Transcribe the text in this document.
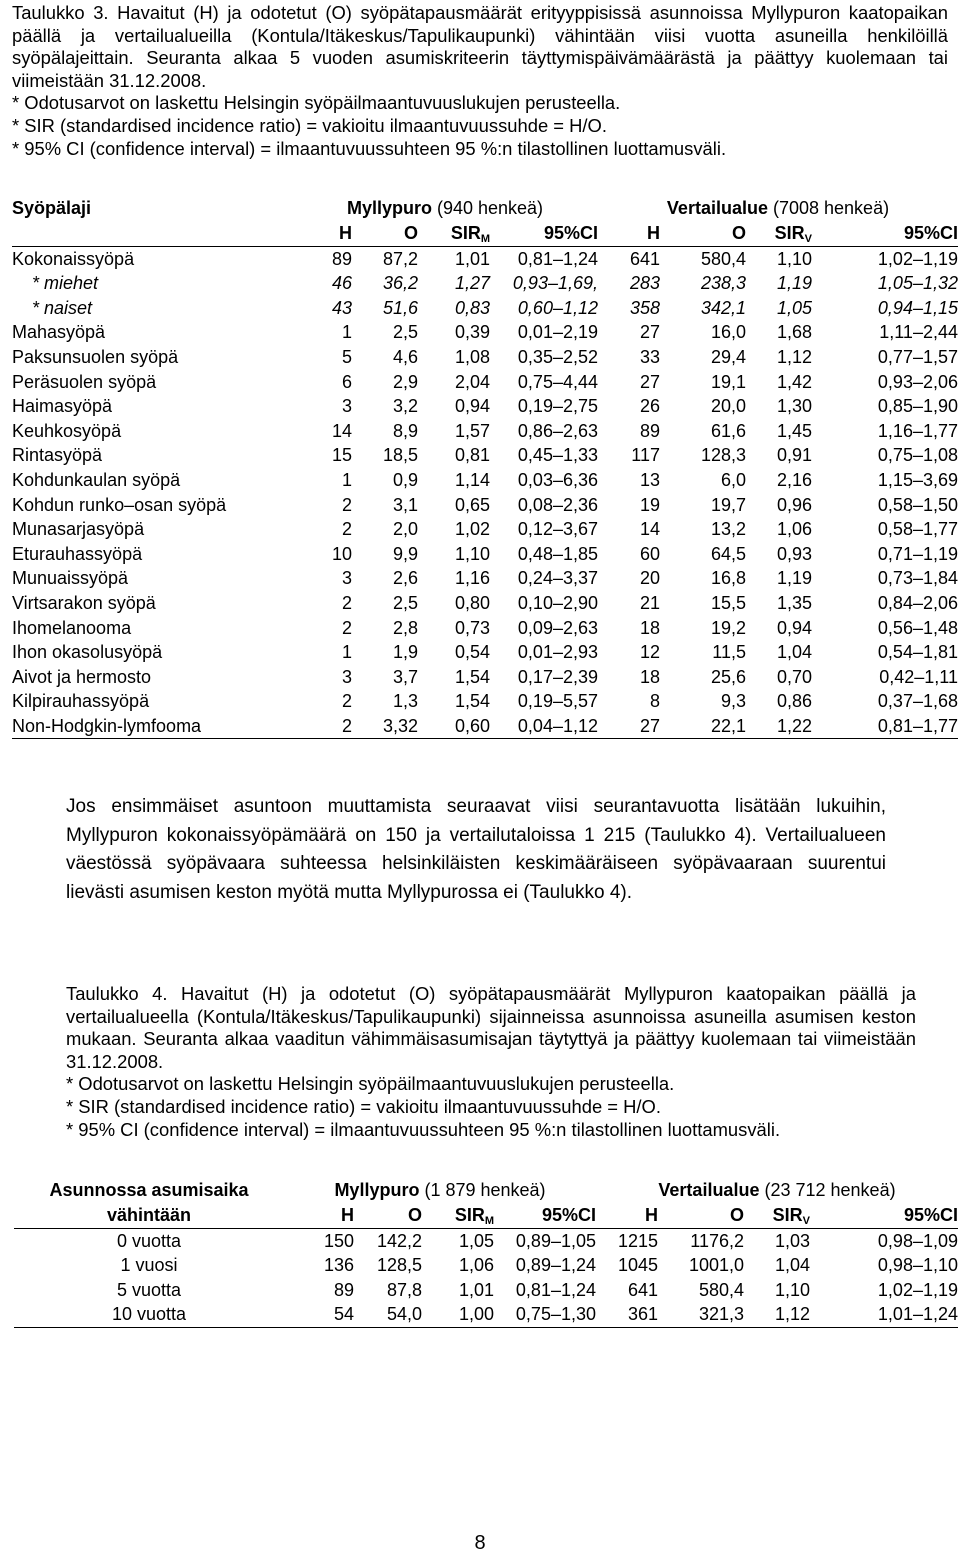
Taulukko 3. Havaitut (H) ja odotetut (O) syöpätapausmäärät erityyppisissä asunnoissa Myllypuron kaatopaikan päällä ja vertailualueilla (Kontula/Itäkeskus/Tapulikaupunki) vähintään viisi vuotta asuneilla henkilöillä syöpälajeittain. Seuranta alkaa 5 vuoden asumiskriteerin täyttymispäivämäärästä ja päättyy kuolemaan tai viimeistään 31.12.2008.

* Odotusarvot on laskettu Helsingin syöpäilmaantuvuuslukujen perusteella.

* SIR (standardised incidence ratio) = vakioitu ilmaantuvuussuhde = H/O.

* 95% CI (confidence interval) = ilmaantuvuussuhteen 95 %:n tilastollinen luottamusväli.

Syöpälaji	Myllypuro (940 henkeä)				Vertailualue (7008 henkeä)			
	H	O	$SIR_M$	95%CI	H	O	$SIR_V$	95%CI
Kokonaissyöpä	89	87,2	1,01	0,81–1,24	641	580,4	1,10	1,02–1,19
* miehet	46	36,2	1,27	0,93–1,69,	283	238,3	1,19	1,05–1,32
* naiset	43	51,6	0,83	0,60–1,12	358	342,1	1,05	0,94–1,15
Mahasyöpä	1	2,5	0,39	0,01–2,19	27	16,0	1,68	1,11–2,44
Paksunsuolen syöpä	5	4,6	1,08	0,35–2,52	33	29,4	1,12	0,77–1,57
Peräsuolen syöpä	6	2,9	2,04	0,75–4,44	27	19,1	1,42	0,93–2,06
Haimasyöpä	3	3,2	0,94	0,19–2,75	26	20,0	1,30	0,85–1,90
Keuhkosyöpä	14	8,9	1,57	0,86–2,63	89	61,6	1,45	1,16–1,77
Rintasyöpä	15	18,5	0,81	0,45–1,33	117	128,3	0,91	0,75–1,08
Kohdunkaulan syöpä	1	0,9	1,14	0,03–6,36	13	6,0	2,16	1,15–3,69
Kohdun runko–osan syöpä	2	3,1	0,65	0,08–2,36	19	19,7	0,96	0,58–1,50
Munasarjasyöpä	2	2,0	1,02	0,12–3,67	14	13,2	1,06	0,58–1,77
Eturauhassyöpä	10	9,9	1,10	0,48–1,85	60	64,5	0,93	0,71–1,19
Munuaissyöpä	3	2,6	1,16	0,24–3,37	20	16,8	1,19	0,73–1,84
Virtsarakon syöpä	2	2,5	0,80	0,10–2,90	21	15,5	1,35	0,84–2,06
Ihomelanooma	2	2,8	0,73	0,09–2,63	18	19,2	0,94	0,56–1,48
Ihon okasolusyöpä	1	1,9	0,54	0,01–2,93	12	11,5	1,04	0,54–1,81
Aivot ja hermosto	3	3,7	1,54	0,17–2,39	18	25,6	0,70	0,42–1,11
Kilpirauhassyöpä	2	1,3	1,54	0,19–5,57	8	9,3	0,86	0,37–1,68
Non-Hodgkin-lymfooma	2	3,32	0,60	0,04–1,12	27	22,1	1,22	0,81–1,77

Jos ensimmäiset asuntoon muuttamista seuraavat viisi seurantavuotta lisätään lukuihin, Myllypuron kokonaissyöpämäärä on 150 ja vertailutaloissa 1 215 (Taulukko 4). Vertailualueen väestössä syöpävaara suhteessa helsinkiläisten keskimääräiseen syöpävaaraan suurentui lievästi asumisen keston myötä mutta Myllypurossa ei (Taulukko 4).

Taulukko 4. Havaitut (H) ja odotetut (O) syöpätapausmäärät Myllypuron kaatopaikan päällä ja vertailualueella (Kontula/Itäkeskus/Tapulikaupunki) sijainneissa asunnoissa asuneilla asumisen keston mukaan. Seuranta alkaa vaaditun vähimmäisasumisajan täytyttyä ja päättyy kuolemaan tai viimeistään 31.12.2008.

* Odotusarvot on laskettu Helsingin syöpäilmaantuvuuslukujen perusteella.

* SIR (standardised incidence ratio) = vakioitu ilmaantuvuussuhde = H/O.

* 95% CI (confidence interval) = ilmaantuvuussuhteen 95 %:n tilastollinen luottamusväli.

Asunnossa asumisaika	Myllypuro (1 879 henkeä)				Vertailualue (23 712 henkeä)			
vähintään	H	O	$SIR_M$	95%CI	H	O	$SIR_V$	95%CI
0 vuotta	150	142,2	1,05	0,89–1,05	1215	1176,2	1,03	0,98–1,09
1 vuosi	136	128,5	1,06	0,89–1,24	1045	1001,0	1,04	0,98–1,10
5 vuotta	89	87,8	1,01	0,81–1,24	641	580,4	1,10	1,02–1,19
10 vuotta	54	54,0	1,00	0,75–1,30	361	321,3	1,12	1,01–1,24
8
